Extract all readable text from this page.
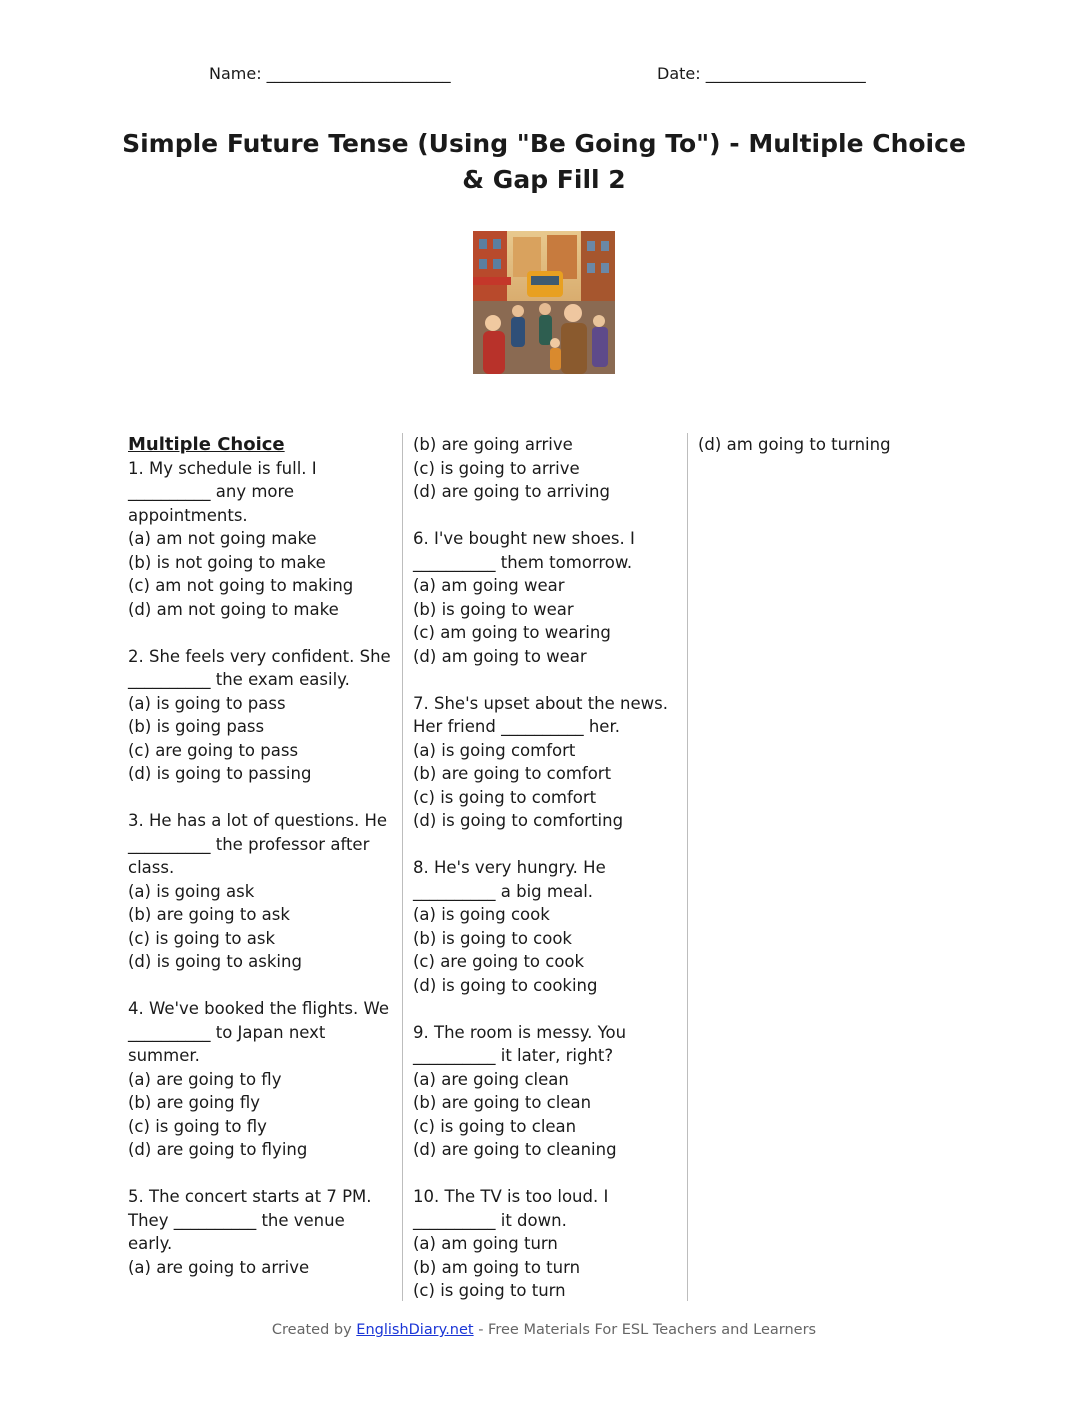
Name: _______________________	Date: ____________________
Simple Future Tense (Using "Be Going To") - Multiple Choice & Gap Fill 2

Multiple Choice

1. My schedule is full. I

__________ any more

appointments.

(a) am not going make

(b) is not going to make

(c) am not going to making

(d) am not going to make

2. She feels very confident. She

__________ the exam easily.

(a) is going to pass

(b) is going pass

(c) are going to pass

(d) is going to passing

3. He has a lot of questions. He

__________ the professor after

class.

(a) is going ask

(b) are going to ask

(c) is going to ask

(d) is going to asking

4. We've booked the flights. We

__________ to Japan next

summer.

(a) are going to fly

(b) are going fly

(c) is going to fly

(d) are going to flying

5. The concert starts at 7 PM.

They __________ the venue

early.

(a) are going to arrive

(b) are going arrive

(c) is going to arrive

(d) are going to arriving

6. I've bought new shoes. I

__________ them tomorrow.

(a) am going wear

(b) is going to wear

(c) am going to wearing

(d) am going to wear

7. She's upset about the news.

Her friend __________ her.

(a) is going comfort

(b) are going to comfort

(c) is going to comfort

(d) is going to comforting

8. He's very hungry. He

__________ a big meal.

(a) is going cook

(b) is going to cook

(c) are going to cook

(d) is going to cooking

9. The room is messy. You

__________ it later, right?

(a) are going clean

(b) are going to clean

(c) is going to clean

(d) are going to cleaning

10. The TV is too loud. I

__________ it down.

(a) am going turn

(b) am going to turn

(c) is going to turn

(d) am going to turning

Created by EnglishDiary.net - Free Materials For ESL Teachers and Learners
